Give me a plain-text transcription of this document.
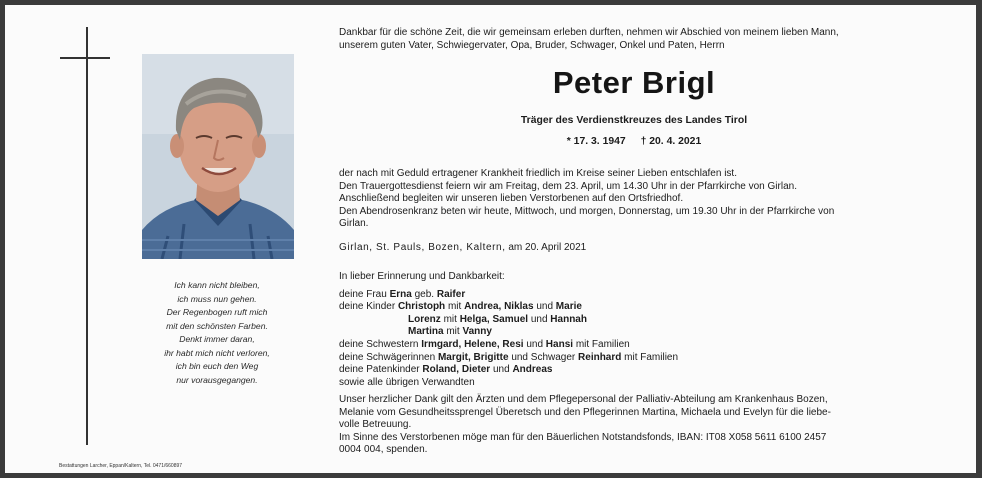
Ich kann nicht bleiben,
ich muss nun gehen.
Der Regenbogen ruft mich
mit den schönsten Farben.
Denkt immer daran,
ihr habt mich nicht verloren,
ich bin euch den Weg
nur vorausgegangen.
Bestattungen Larcher, Eppan/Kaltern, Tel. 0471/660897
Dankbar für die schöne Zeit, die wir gemeinsam erleben durften, nehmen wir Abschied von meinem lieben Mann,
unserem guten Vater, Schwiegervater, Opa, Bruder, Schwager, Onkel und Paten, Herrn
Peter Brigl
Träger des Verdienstkreuzes des Landes Tirol
* 17. 3. 1947 † 20. 4. 2021
der nach mit Geduld ertragener Krankheit friedlich im Kreise seiner Lieben entschlafen ist.
Den Trauergottesdienst feiern wir am Freitag, dem 23. April, um 14.30 Uhr in der Pfarrkirche von Girlan.
Anschließend begleiten wir unseren lieben Verstorbenen auf den Ortsfriedhof.
Den Abendrosenkranz beten wir heute, Mittwoch, und morgen, Donnerstag, um 19.30 Uhr in der Pfarrkirche von
Girlan.
Girlan, St. Pauls, Bozen, Kaltern, am 20. April 2021
In lieber Erinnerung und Dankbarkeit:
deine Frau Erna geb. Raifer
deine Kinder Christoph mit Andrea, Niklas und Marie
Lorenz mit Helga, Samuel und Hannah
Martina mit Vanny
deine Schwestern Irmgard, Helene, Resi und Hansi mit Familien
deine Schwägerinnen Margit, Brigitte und Schwager Reinhard mit Familien
deine Patenkinder Roland, Dieter und Andreas
sowie alle übrigen Verwandten
Unser herzlicher Dank gilt den Ärzten und dem Pflegepersonal der Palliativ-Abteilung am Krankenhaus Bozen,
Melanie vom Gesundheitssprengel Überetsch und den Pflegerinnen Martina, Michaela und Evelyn für die liebe-
volle Betreuung.
Im Sinne des Verstorbenen möge man für den Bäuerlichen Notstandsfonds, IBAN: IT08 X058 5611 6100 2457
0004 004, spenden.
